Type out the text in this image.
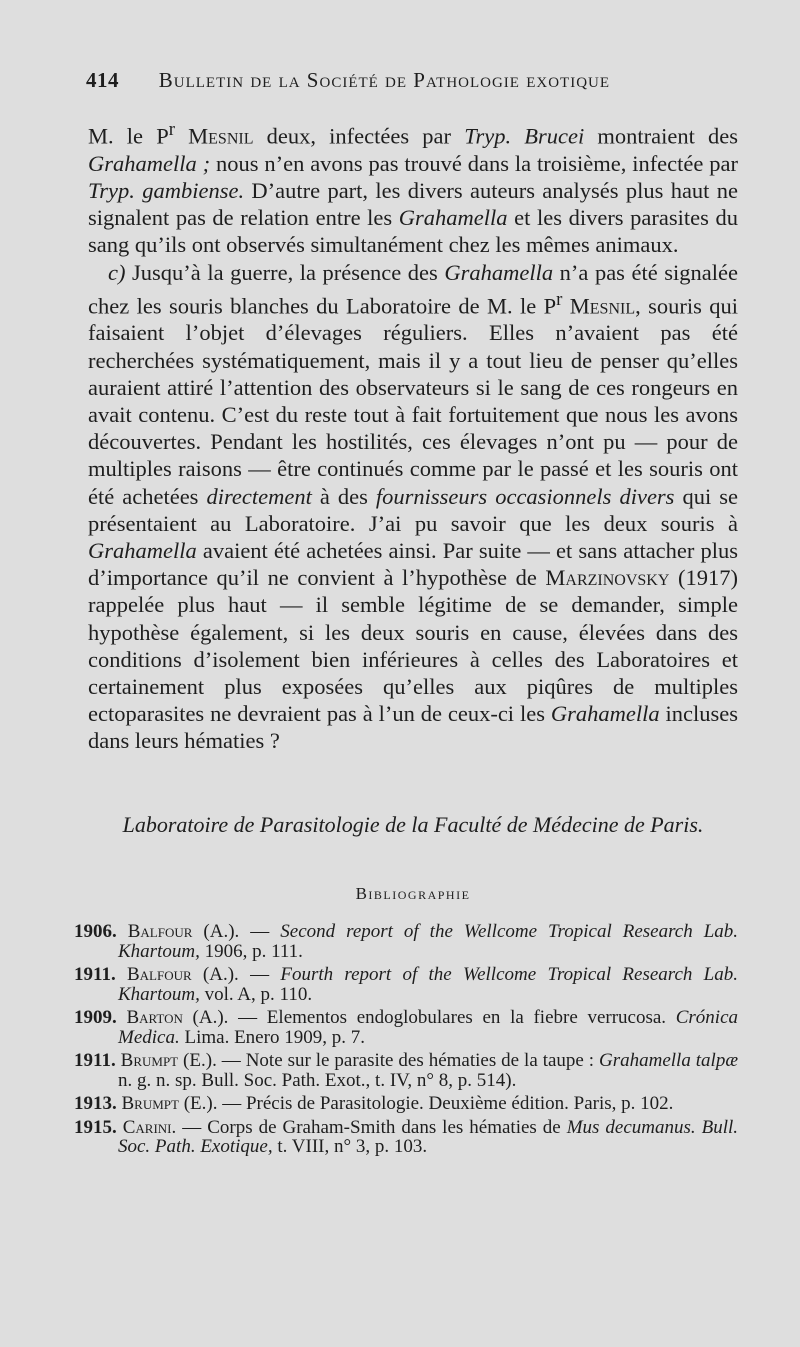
414 Bulletin de la Société de Pathologie exotique

M. le $P^r$ Mesnil deux, infectées par Tryp. Brucei montraient des Grahamella ; nous n’en avons pas trouvé dans la troisième, infectée par Tryp. gambiense. D’autre part, les divers auteurs analysés plus haut ne signalent pas de relation entre les Grahamella et les divers parasites du sang qu’ils ont observés simultanément chez les mêmes animaux.

c) Jusqu’à la guerre, la présence des Grahamella n’a pas été signalée chez les souris blanches du Laboratoire de M. le $P^r$ Mesnil, souris qui faisaient l’objet d’élevages réguliers. Elles n’avaient pas été recherchées systématiquement, mais il y a tout lieu de penser qu’elles auraient attiré l’attention des observateurs si le sang de ces rongeurs en avait contenu. C’est du reste tout à fait fortuitement que nous les avons découvertes. Pendant les hostilités, ces élevages n’ont pu — pour de multiples raisons — être continués comme par le passé et les souris ont été achetées directement à des fournisseurs occasionnels divers qui se présentaient au Laboratoire. J’ai pu savoir que les deux souris à Grahamella avaient été achetées ainsi. Par suite — et sans attacher plus d’importance qu’il ne convient à l’hypothèse de Marzinovsky (1917) rappelée plus haut — il semble légitime de se demander, simple hypothèse également, si les deux souris en cause, élevées dans des conditions d’isolement bien inférieures à celles des Laboratoires et certainement plus exposées qu’elles aux piqûres de multiples ectoparasites ne devraient pas à l’un de ceux-ci les Grahamella incluses dans leurs hématies ?

Laboratoire de Parasitologie de la Faculté de Médecine de Paris.
Bibliographie
1906. Balfour (A.). — Second report of the Wellcome Tropical Research Lab. Khartoum, 1906, p. 111.
1911. Balfour (A.). — Fourth report of the Wellcome Tropical Research Lab. Khartoum, vol. A, p. 110.
1909. Barton (A.). — Elementos endoglobulares en la fiebre verrucosa. Crónica Medica. Lima. Enero 1909, p. 7.
1911. Brumpt (E.). — Note sur le parasite des hématies de la taupe : Grahamella talpæ n. g. n. sp. Bull. Soc. Path. Exot., t. IV, n° 8, p. 514).
1913. Brumpt (E.). — Précis de Parasitologie. Deuxième édition. Paris, p. 102.
1915. Carini. — Corps de Graham-Smith dans les hématies de Mus decumanus. Bull. Soc. Path. Exotique, t. VIII, n° 3, p. 103.
